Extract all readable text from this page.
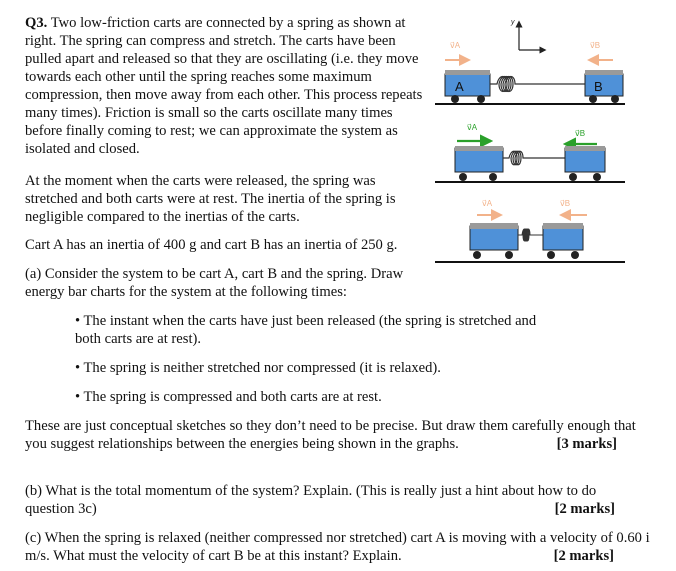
Q3. Two low-friction carts are connected by a spring as shown at right. The spring can compress and stretch. The carts have been pulled apart and released so that they are oscillating (i.e. they move towards each other until the spring reaches some maximum compression, then move away from each other. This process repeats many times). Friction is small so the carts oscillate many times before finally coming to rest; we can approximate the system as isolated and closed.
At the moment when the carts were released, the spring was stretched and both carts were at rest. The inertia of the spring is negligible compared to the inertias of the carts.
Cart A has an inertia of 400 g and cart B has an inertia of 250 g.
(a) Consider the system to be cart A, cart B and the spring. Draw energy bar charts for the system at the following times:
• The instant when the carts have just been released (the spring is stretched and both carts are at rest).
• The spring is neither stretched nor compressed (it is relaxed).
• The spring is compressed and both carts are at rest.
These are just conceptual sketches so they don’t need to be precise. But draw them carefully enough that you suggest relationships between the energies being shown in the graphs.	[3 marks]
(b) What is the total momentum of the system? Explain. (This is really just a hint about how to do question 3c)	[2 marks]
(c) When the spring is relaxed (neither compressed nor stretched) cart A is moving with a velocity of 0.60 i m/s. What must the velocity of cart B be at this instant? Explain.	[2 marks]
y
v⃗A	v⃗B
A	B
v⃗A
v⃗B
v⃗A	v⃗B
